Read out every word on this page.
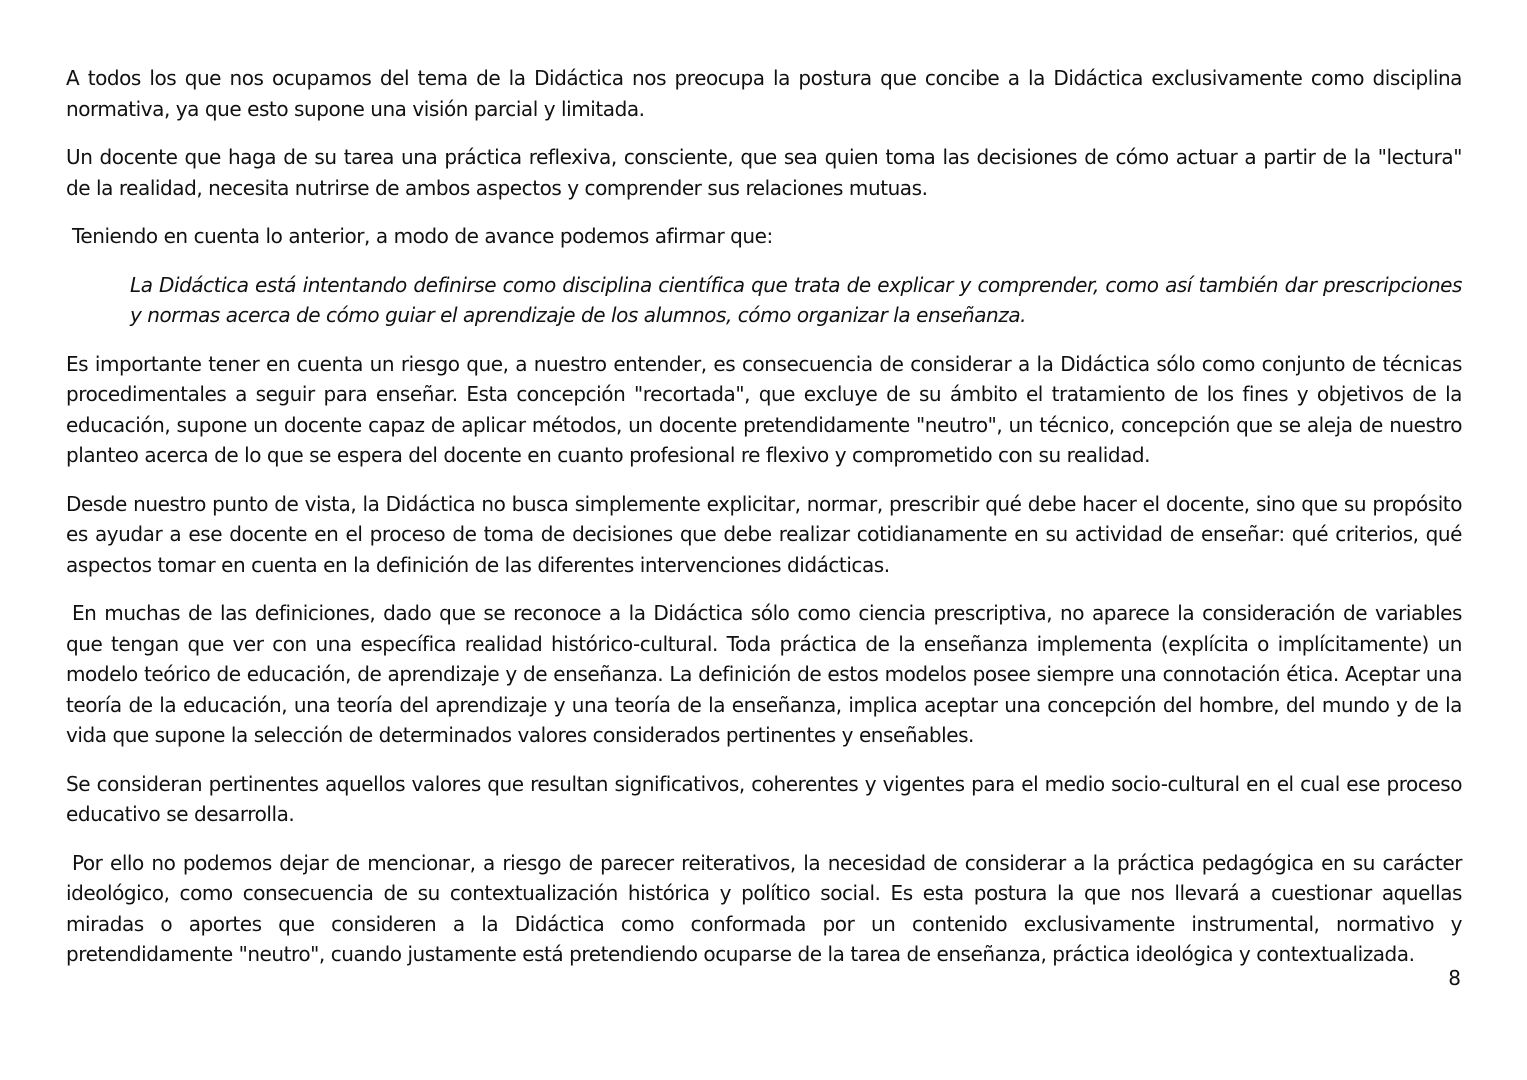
A todos los que nos ocupamos del tema de la Didáctica nos preocupa la postura que concibe a la Didáctica exclusivamente como disciplina normativa, ya que esto supone una visión parcial y limitada.

Un docente que haga de su tarea una práctica reflexiva, consciente, que sea quien toma las decisiones de cómo actuar a partir de la "lectura" de la realidad, necesita nutrirse de ambos aspectos y comprender sus relaciones mutuas.

Teniendo en cuenta lo anterior, a modo de avance podemos afirmar que:

La Didáctica está intentando definirse como disciplina científica que trata de explicar y comprender, como así también dar prescripciones y normas acerca de cómo guiar el aprendizaje de los alumnos, cómo organizar la enseñanza.

Es importante tener en cuenta un riesgo que, a nuestro entender, es consecuencia de considerar a la Didáctica sólo como conjunto de técnicas procedimentales a seguir para enseñar. Esta concepción "recortada", que excluye de su ámbito el tratamiento de los fines y objetivos de la educación, supone un docente capaz de aplicar métodos, un docente pretendidamente "neutro", un técnico, concepción que se aleja de nuestro planteo acerca de lo que se espera del docente en cuanto profesional re flexivo y comprometido con su realidad.

Desde nuestro punto de vista, la Didáctica no busca simplemente explicitar, normar, prescribir qué debe hacer el docente, sino que su propósito es ayudar a ese docente en el proceso de toma de decisiones que debe realizar cotidianamente en su actividad de enseñar: qué criterios, qué aspectos tomar en cuenta en la definición de las diferentes intervenciones didácticas.

En muchas de las definiciones, dado que se reconoce a la Didáctica sólo como ciencia prescriptiva, no aparece la consideración de variables que tengan que ver con una específica realidad histórico-cultural. Toda práctica de la enseñanza implementa (explícita o implícitamente) un modelo teórico de educación, de aprendizaje y de enseñanza. La definición de estos modelos posee siempre una connotación ética. Aceptar una teoría de la educación, una teoría del aprendizaje y una teoría de la enseñanza, implica aceptar una concepción del hombre, del mundo y de la vida que supone la selección de determinados valores considerados pertinentes y enseñables.

Se consideran pertinentes aquellos valores que resultan significativos, coherentes y vigentes para el medio socio-cultural en el cual ese proceso educativo se desarrolla.

Por ello no podemos dejar de mencionar, a riesgo de parecer reiterativos, la necesidad de considerar a la práctica pedagógica en su carácter ideológico, como consecuencia de su contextualización histórica y político social. Es esta postura la que nos llevará a cuestionar aquellas miradas o aportes que consideren a la Didáctica como conformada por un contenido exclusivamente instrumental, normativo y pretendidamente "neutro", cuando justamente está pretendiendo ocuparse de la tarea de enseñanza, práctica ideológica y contextualizada.

8
